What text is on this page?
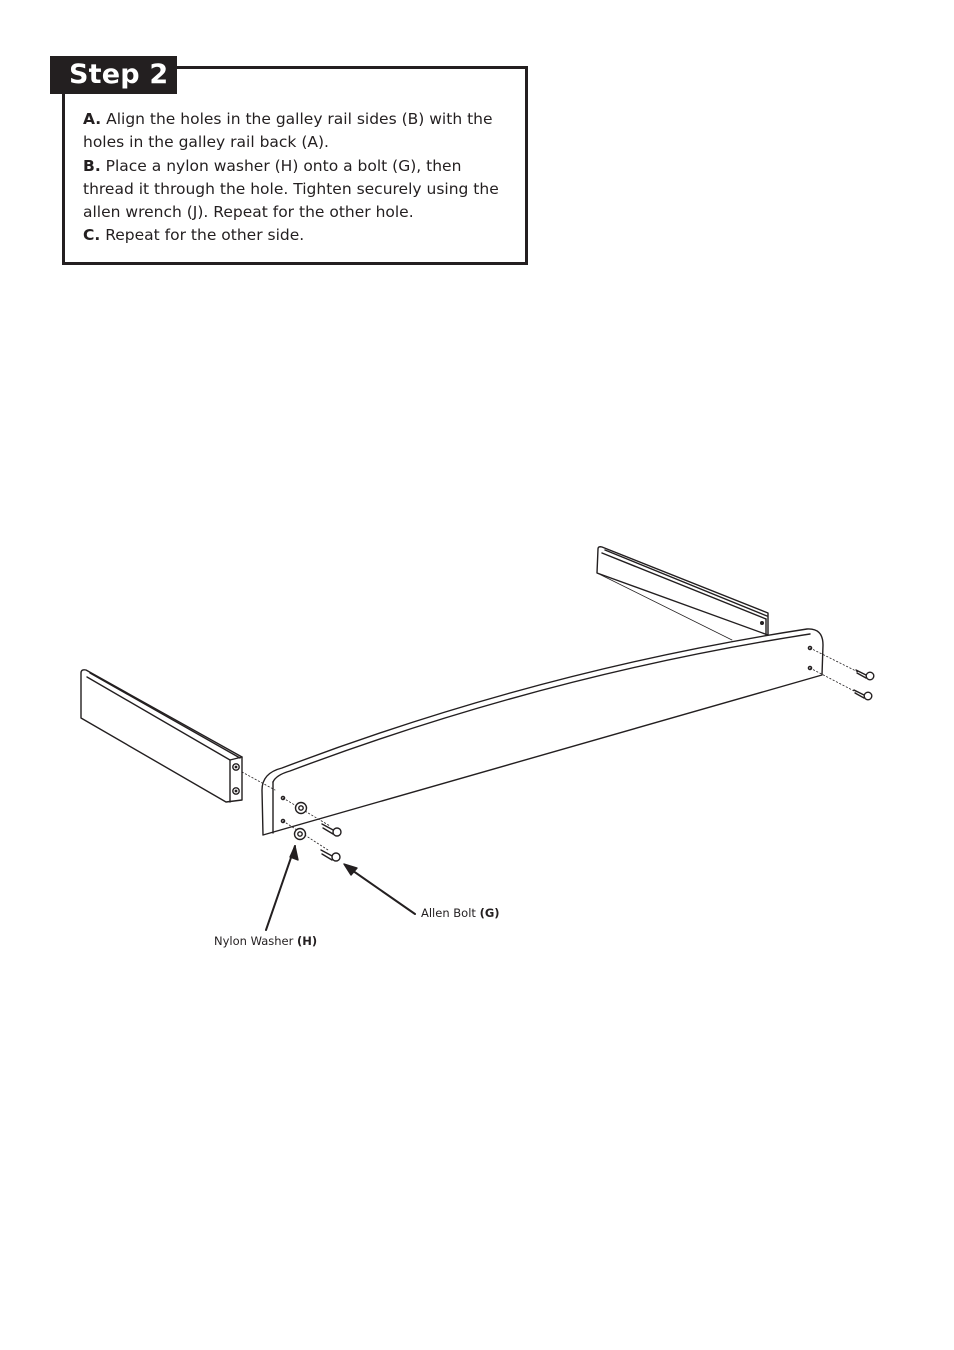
Step 2

A. Align the holes in the galley rail sides (B) with the holes in the galley rail back (A).

B. Place a nylon washer (H) onto a bolt (G), then thread it through the hole. Tighten securely using the allen wrench (J). Repeat for the other hole.

C. Repeat for the other side.

Allen Bolt (G)
Nylon Washer (H)
